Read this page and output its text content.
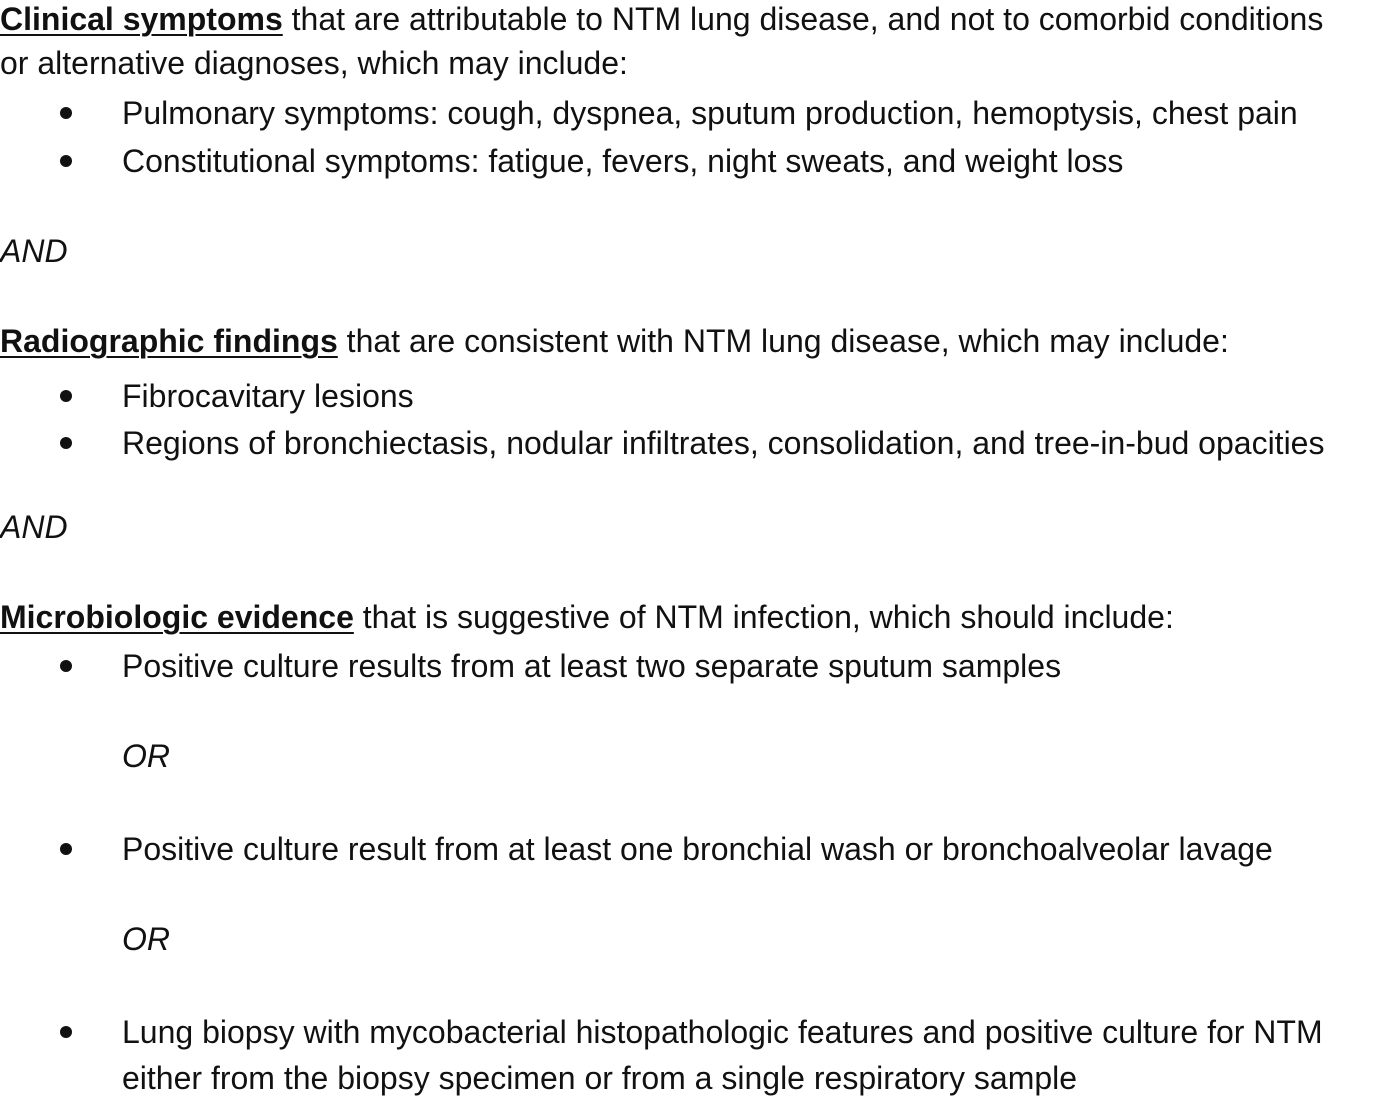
Clinical symptoms that are attributable to NTM lung disease, and not to comorbid conditions
or alternative diagnoses, which may include:
Pulmonary symptoms: cough, dyspnea, sputum production, hemoptysis, chest pain
Constitutional symptoms: fatigue, fevers, night sweats, and weight loss
AND
Radiographic findings that are consistent with NTM lung disease, which may include:
Fibrocavitary lesions
Regions of bronchiectasis, nodular infiltrates, consolidation, and tree-in-bud opacities
AND
Microbiologic evidence that is suggestive of NTM infection, which should include:
Positive culture results from at least two separate sputum samples
OR
Positive culture result from at least one bronchial wash or bronchoalveolar lavage
OR
Lung biopsy with mycobacterial histopathologic features and positive culture for NTM
either from the biopsy specimen or from a single respiratory sample
